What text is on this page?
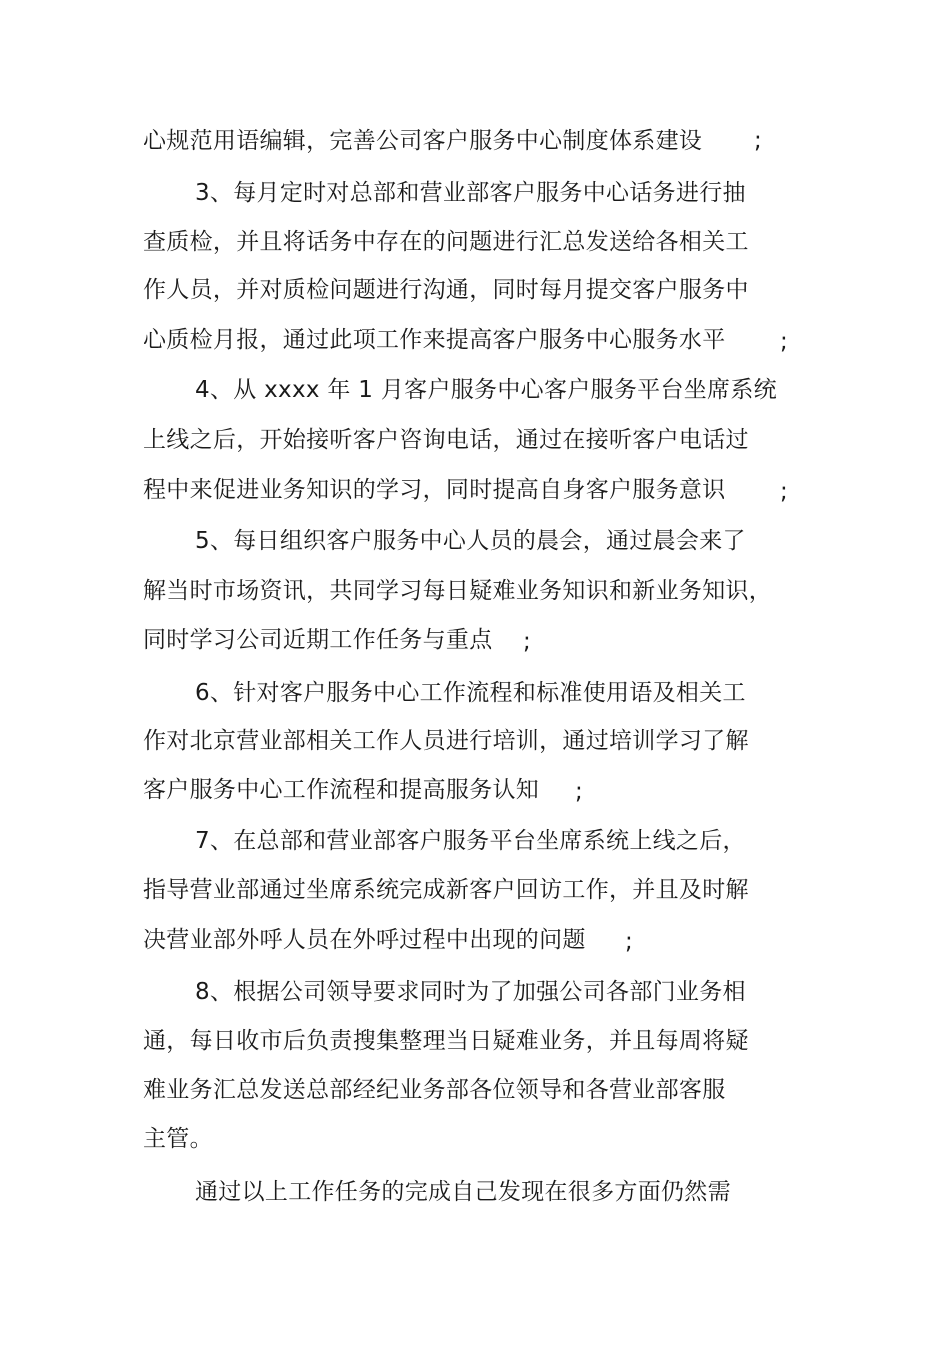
心规范用语编辑，完善公司客户服务中心制度体系建设 ;
3、每月定时对总部和营业部客户服务中心话务进行抽
查质检，并且将话务中存在的问题进行汇总发送给各相关工
作人员，并对质检问题进行沟通，同时每月提交客户服务中
心质检月报，通过此项工作来提高客户服务中心服务水平 ;
4、从 xxxx 年 1 月客户服务中心客户服务平台坐席系统
上线之后，开始接听客户咨询电话，通过在接听客户电话过
程中来促进业务知识的学习，同时提高自身客户服务意识 ;
5、每日组织客户服务中心人员的晨会，通过晨会来了
解当时市场资讯，共同学习每日疑难业务知识和新业务知识，
同时学习公司近期工作任务与重点 ;
6、针对客户服务中心工作流程和标准使用语及相关工
作对北京营业部相关工作人员进行培训，通过培训学习了解
客户服务中心工作流程和提高服务认知 ;
7、在总部和营业部客户服务平台坐席系统上线之后，
指导营业部通过坐席系统完成新客户回访工作，并且及时解
决营业部外呼人员在外呼过程中出现的问题 ;
8、根据公司领导要求同时为了加强公司各部门业务相
通，每日收市后负责搜集整理当日疑难业务，并且每周将疑
难业务汇总发送总部经纪业务部各位领导和各营业部客服
主管。
通过以上工作任务的完成自己发现在很多方面仍然需
